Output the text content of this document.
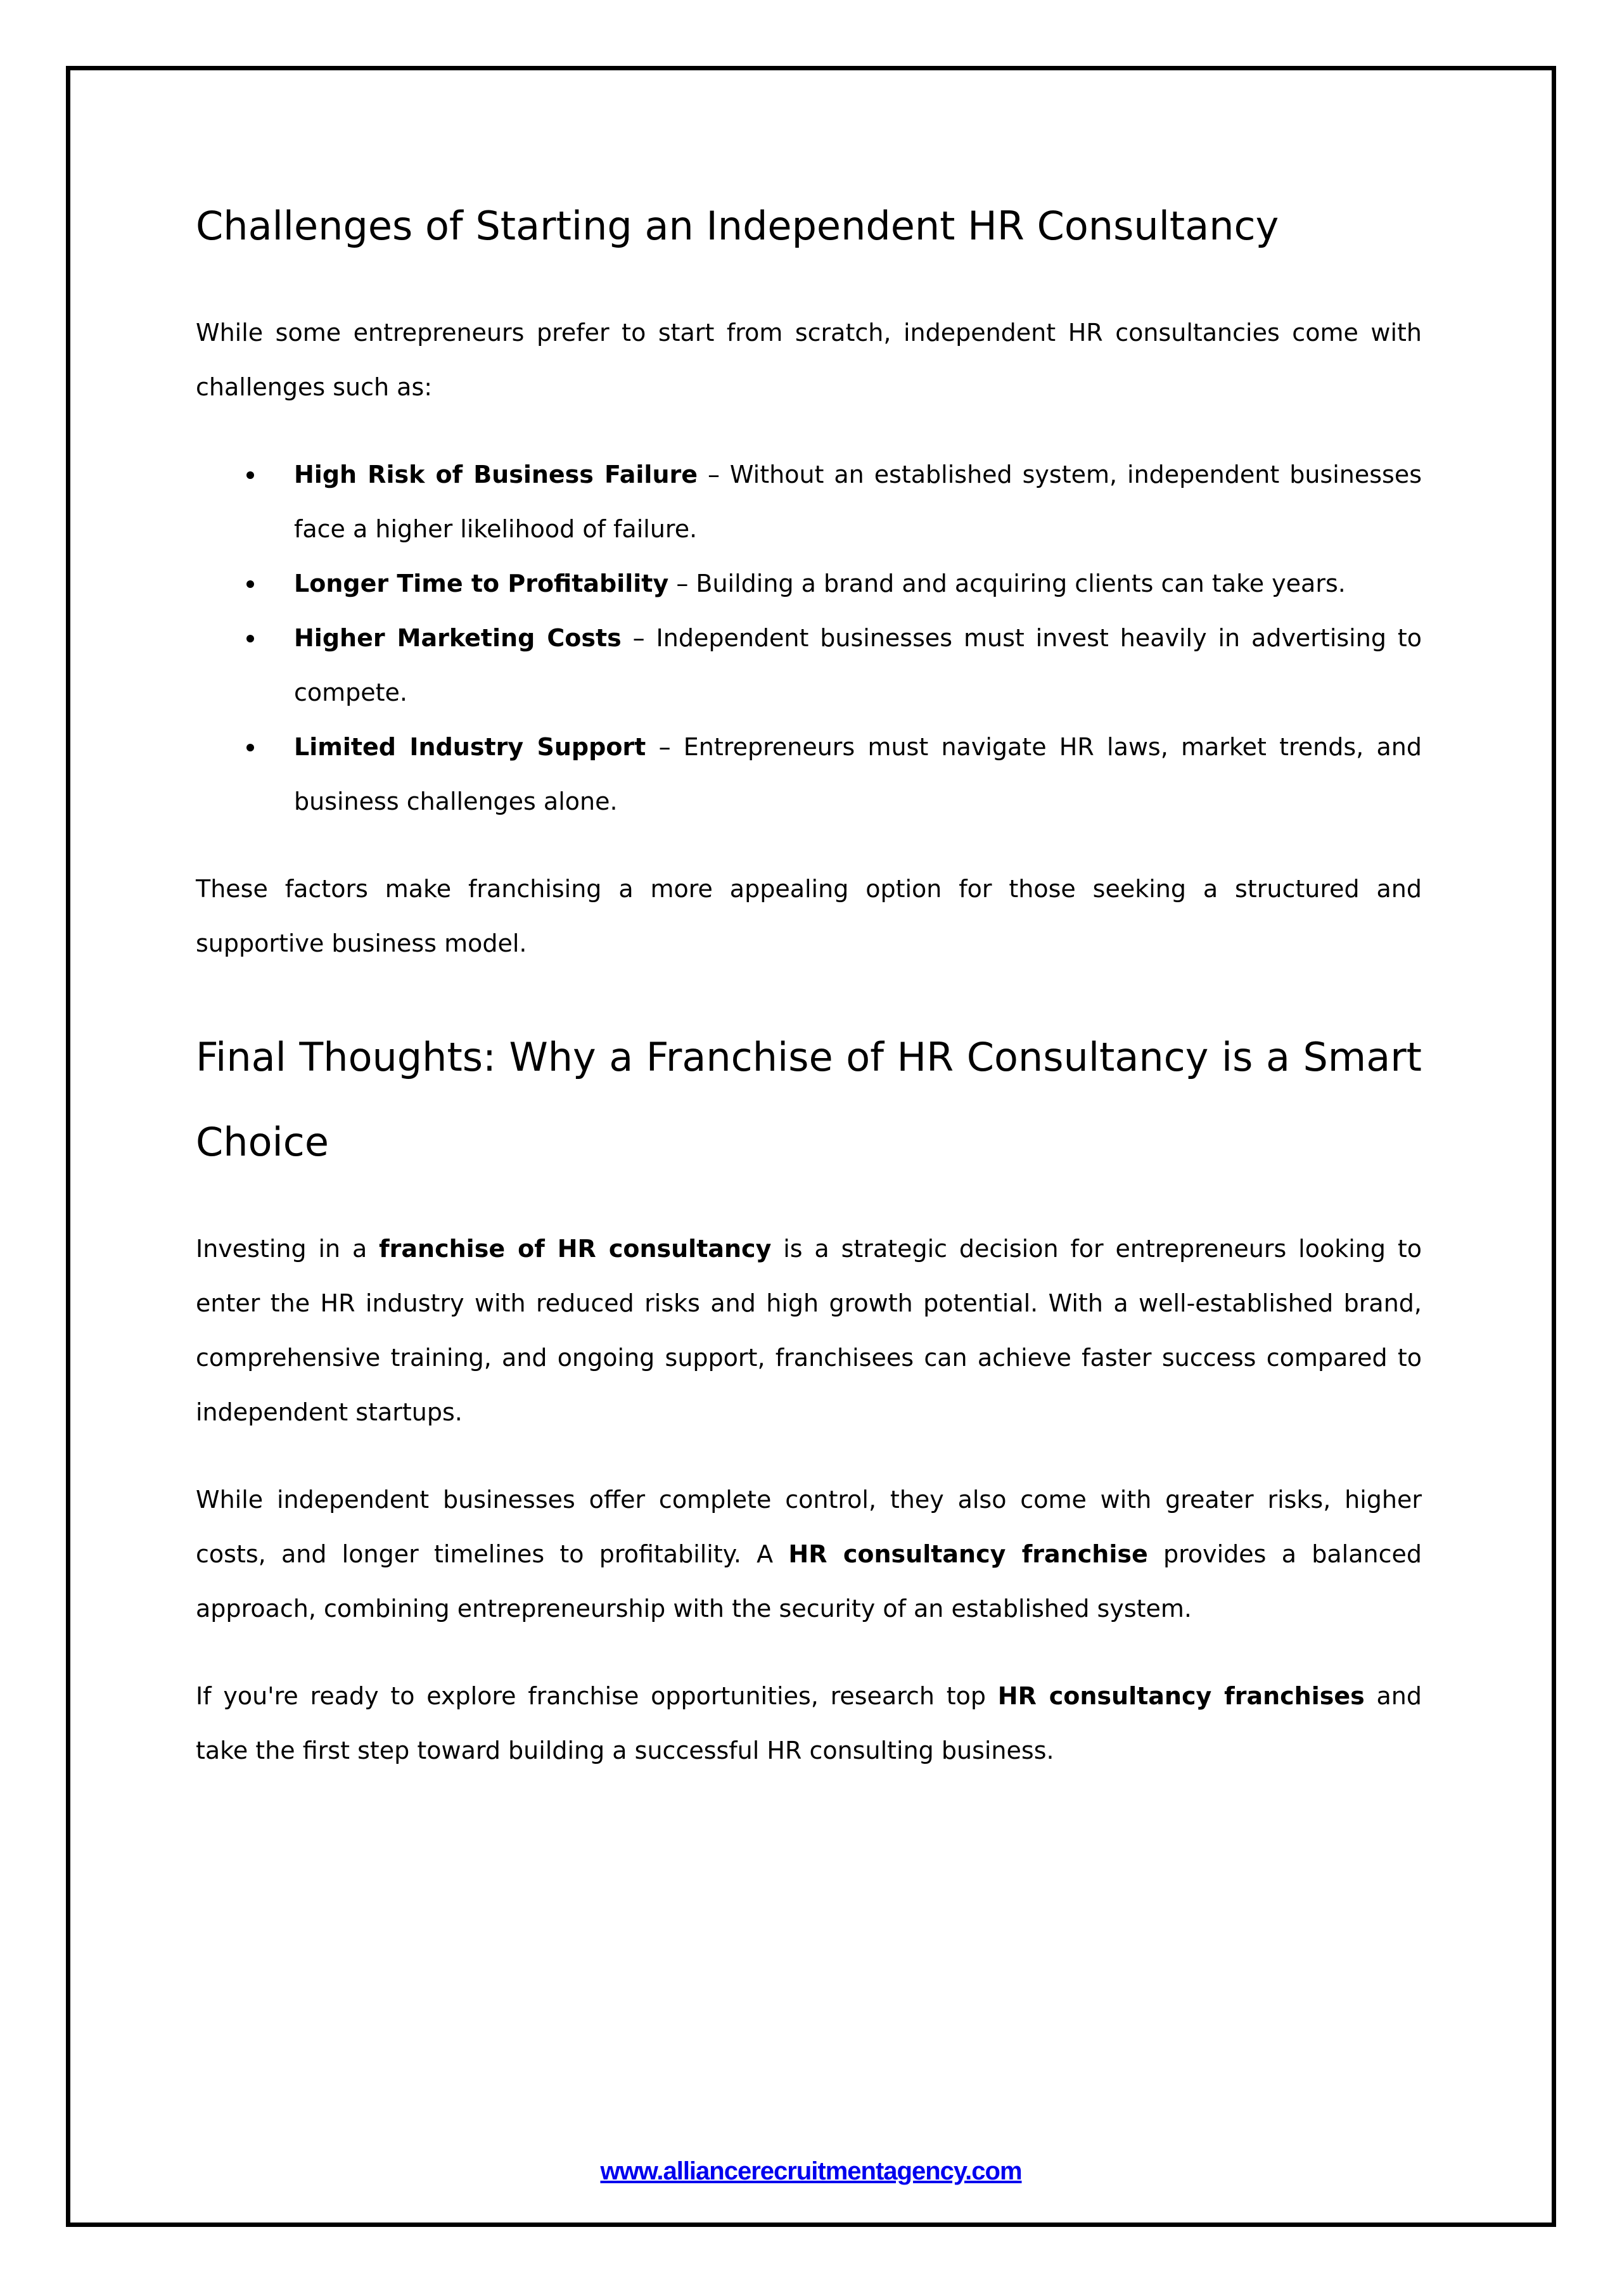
Challenges of Starting an Independent HR Consultancy

While some entrepreneurs prefer to start from scratch, independent HR consultancies come with challenges such as:

High Risk of Business Failure – Without an established system, independent businesses face a higher likelihood of failure.
Longer Time to Profitability – Building a brand and acquiring clients can take years.
Higher Marketing Costs – Independent businesses must invest heavily in advertising to compete.
Limited Industry Support – Entrepreneurs must navigate HR laws, market trends, and business challenges alone.

These factors make franchising a more appealing option for those seeking a structured and supportive business model.

Final Thoughts: Why a Franchise of HR Consultancy is a Smart Choice

Investing in a franchise of HR consultancy is a strategic decision for entrepreneurs looking to enter the HR industry with reduced risks and high growth potential. With a well-established brand, comprehensive training, and ongoing support, franchisees can achieve faster success compared to independent startups.

While independent businesses offer complete control, they also come with greater risks, higher costs, and longer timelines to profitability. A HR consultancy franchise provides a balanced approach, combining entrepreneurship with the security of an established system.

If you're ready to explore franchise opportunities, research top HR consultancy franchises and take the first step toward building a successful HR consulting business.

www.alliancerecruitmentagency.com
